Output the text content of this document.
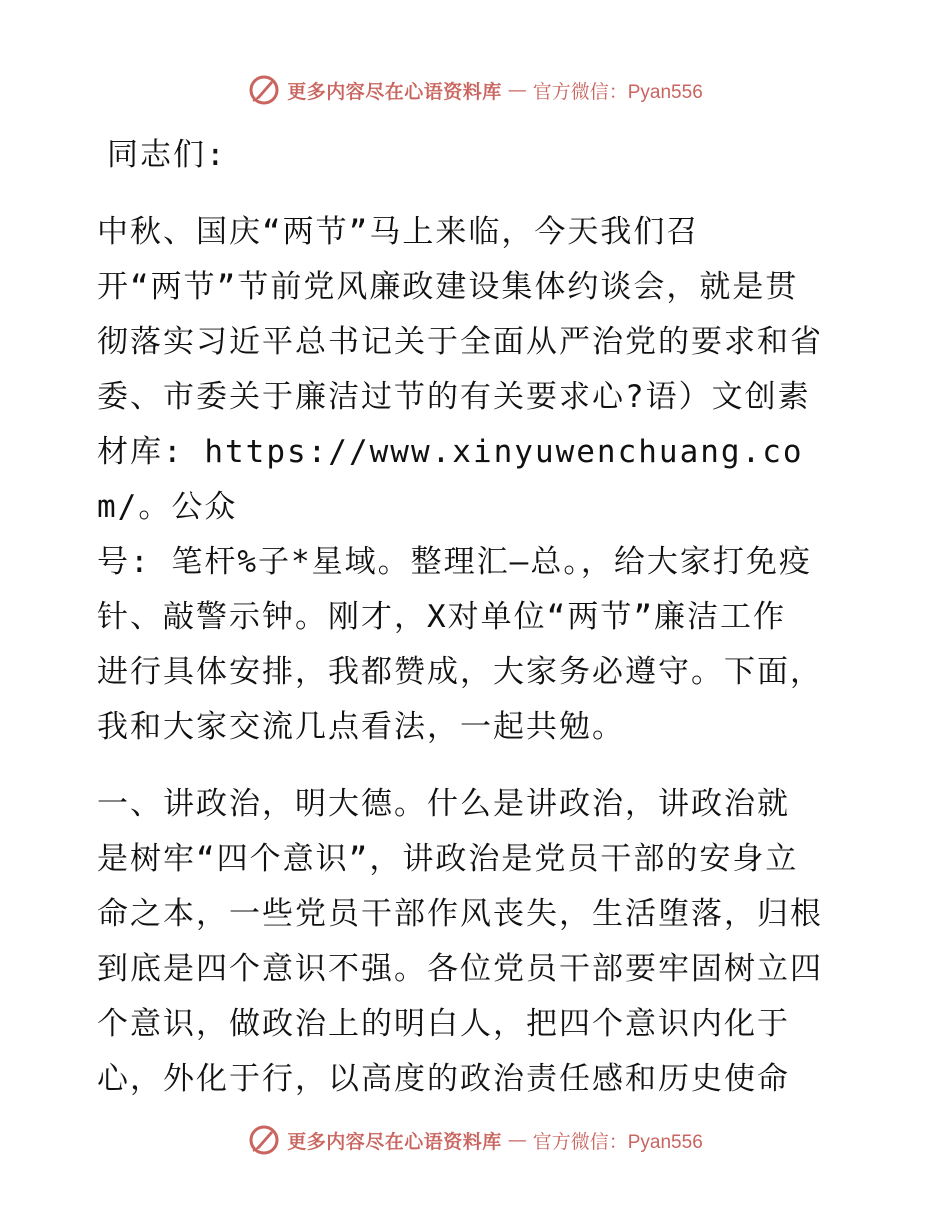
更多内容尽在心语资料库 — 官方微信：Pyan556
同志们:
中秋、国庆“两节”马上来临，今天我们召
开“两节”节前党风廉政建设集体约谈会，就是贯
彻落实习近平总书记关于全面从严治党的要求和省
委、市委关于廉洁过节的有关要求心?语）文创素
材库: https://www.xinyuwenchuang.com/。公众
号: 笔杆%子*星域。整理汇—总。，给大家打免疫
针、敲警示钟。刚才，X对单位“两节”廉洁工作
进行具体安排，我都赞成，大家务必遵守。下面，
我和大家交流几点看法，一起共勉。
一、讲政治，明大德。什么是讲政治，讲政治就
是树牢“四个意识”，讲政治是党员干部的安身立
命之本，一些党员干部作风丧失，生活堕落，归根
到底是四个意识不强。各位党员干部要牢固树立四
个意识，做政治上的明白人，把四个意识内化于
心，外化于行，以高度的政治责任感和历史使命
更多内容尽在心语资料库 — 官方微信：Pyan556
